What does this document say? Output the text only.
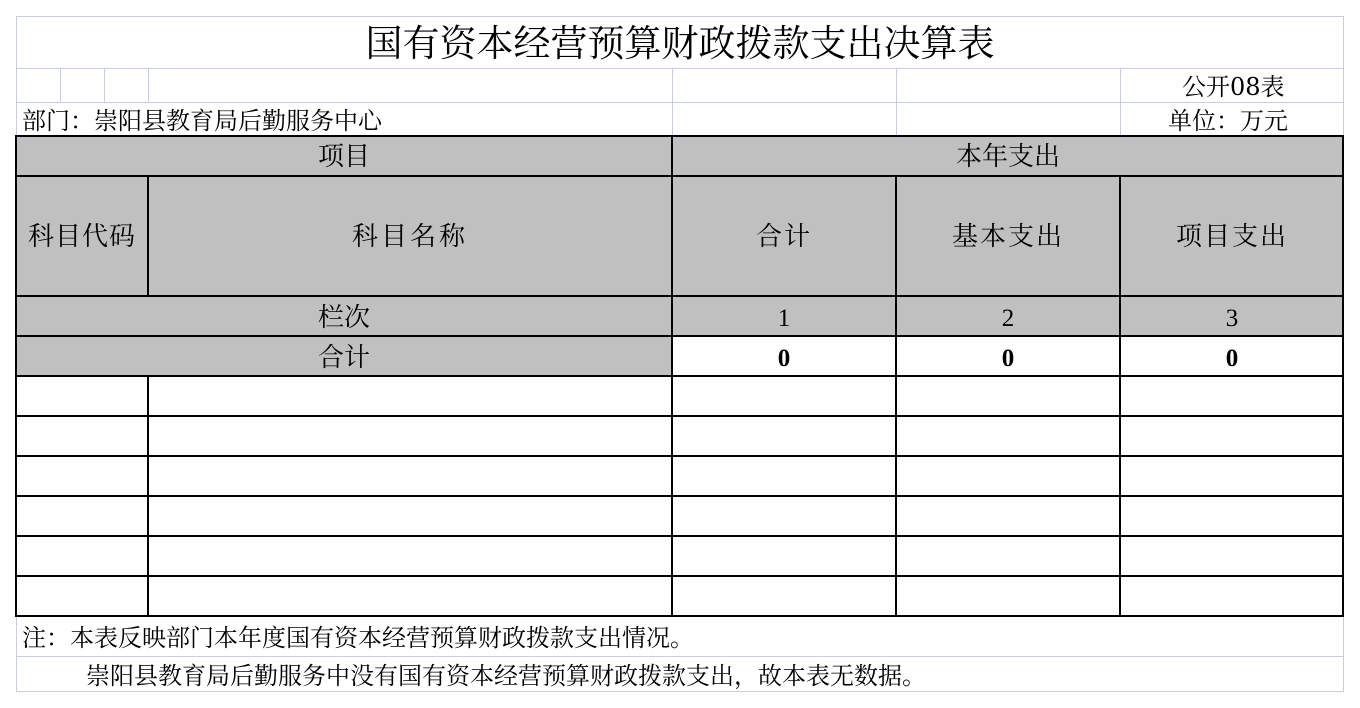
国有资本经营预算财政拨款支出决算表
公开08表
部门：崇阳县教育局后勤服务中心	单位：万元
项目	本年支出
科目代码	科目名称	合计	基本支出	项目支出
栏次	1	2	3
合计	0	0	0
注：本表反映部门本年度国有资本经营预算财政拨款支出情况。
崇阳县教育局后勤服务中没有国有资本经营预算财政拨款支出，故本表无数据。
